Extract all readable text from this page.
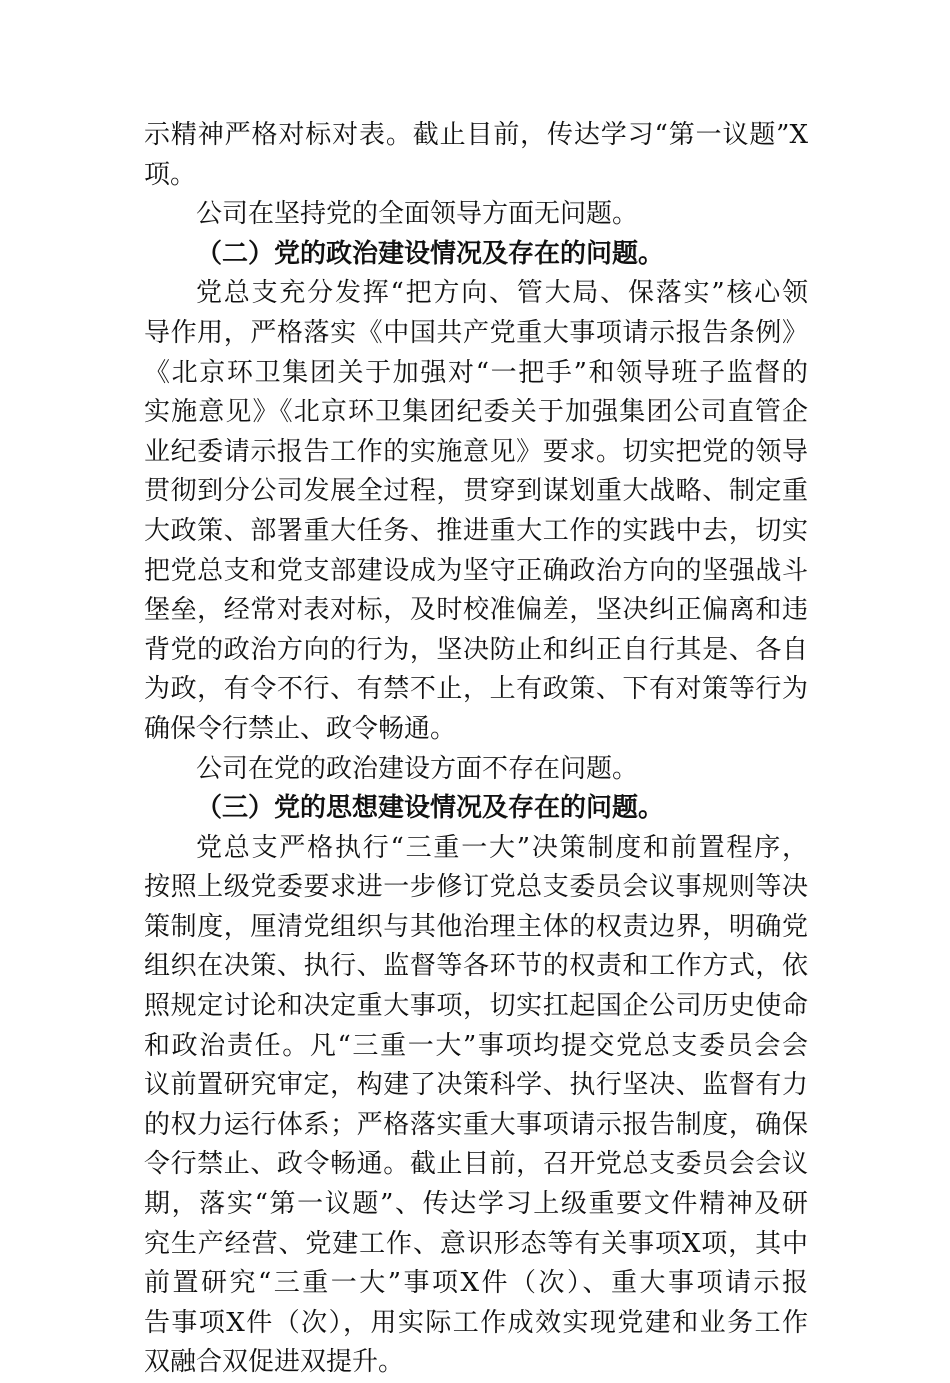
示精神严格对标对表。截止目前，传达学习“第一议题”X
项。
公司在坚持党的全面领导方面无问题。
（二）党的政治建设情况及存在的问题。
党总支充分发挥“把方向、管大局、保落实”核心领
导作用，严格落实《中国共产党重大事项请示报告条例》
《北京环卫集团关于加强对“一把手”和领导班子监督的
实施意见》《北京环卫集团纪委关于加强集团公司直管企
业纪委请示报告工作的实施意见》要求。切实把党的领导
贯彻到分公司发展全过程，贯穿到谋划重大战略、制定重
大政策、部署重大任务、推进重大工作的实践中去，切实
把党总支和党支部建设成为坚守正确政治方向的坚强战斗
堡垒，经常对表对标，及时校准偏差，坚决纠正偏离和违
背党的政治方向的行为，坚决防止和纠正自行其是、各自
为政，有令不行、有禁不止，上有政策、下有对策等行为
确保令行禁止、政令畅通。
公司在党的政治建设方面不存在问题。
（三）党的思想建设情况及存在的问题。
党总支严格执行“三重一大”决策制度和前置程序，
按照上级党委要求进一步修订党总支委员会议事规则等决
策制度，厘清党组织与其他治理主体的权责边界，明确党
组织在决策、执行、监督等各环节的权责和工作方式，依
照规定讨论和决定重大事项，切实扛起国企公司历史使命
和政治责任。凡“三重一大”事项均提交党总支委员会会
议前置研究审定，构建了决策科学、执行坚决、监督有力
的权力运行体系；严格落实重大事项请示报告制度，确保
令行禁止、政令畅通。截止目前，召开党总支委员会会议
期，落实“第一议题”、传达学习上级重要文件精神及研
究生产经营、党建工作、意识形态等有关事项X项，其中
前置研究“三重一大”事项X件（次）、重大事项请示报
告事项X件（次），用实际工作成效实现党建和业务工作
双融合双促进双提升。
